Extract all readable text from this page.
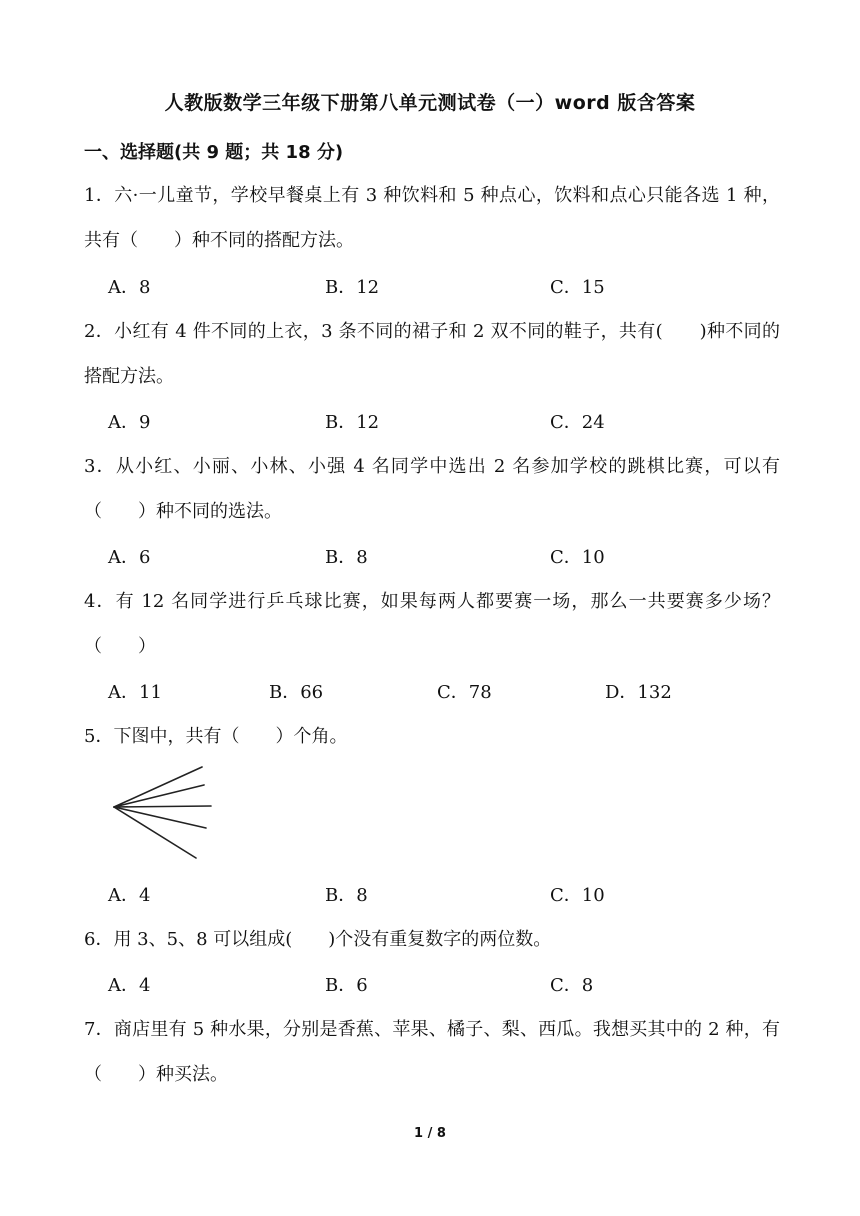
人教版数学三年级下册第八单元测试卷（一）word 版含答案
一、选择题(共 9 题；共 18 分)
1．六·一儿童节，学校早餐桌上有 3 种饮料和 5 种点心，饮料和点心只能各选 1 种，共有（　　）种不同的搭配方法。
A．8	B．12	C．15
2．小红有 4 件不同的上衣，3 条不同的裙子和 2 双不同的鞋子，共有(　　)种不同的搭配方法。
A．9	B．12	C．24
3．从小红、小丽、小林、小强 4 名同学中选出 2 名参加学校的跳棋比赛，可以有（　　）种不同的选法。
A．6	B．8	C．10
4．有 12 名同学进行乒乓球比赛，如果每两人都要赛一场，那么一共要赛多少场？（　　）
A．11	B．66	C．78	D．132
5．下图中，共有（　　）个角。
A．4	B．8	C．10
6．用 3、5、8 可以组成(　　)个没有重复数字的两位数。
A．4	B．6	C．8
7．商店里有 5 种水果，分别是香蕉、苹果、橘子、梨、西瓜。我想买其中的 2 种，有（　　）种买法。
1 / 8
